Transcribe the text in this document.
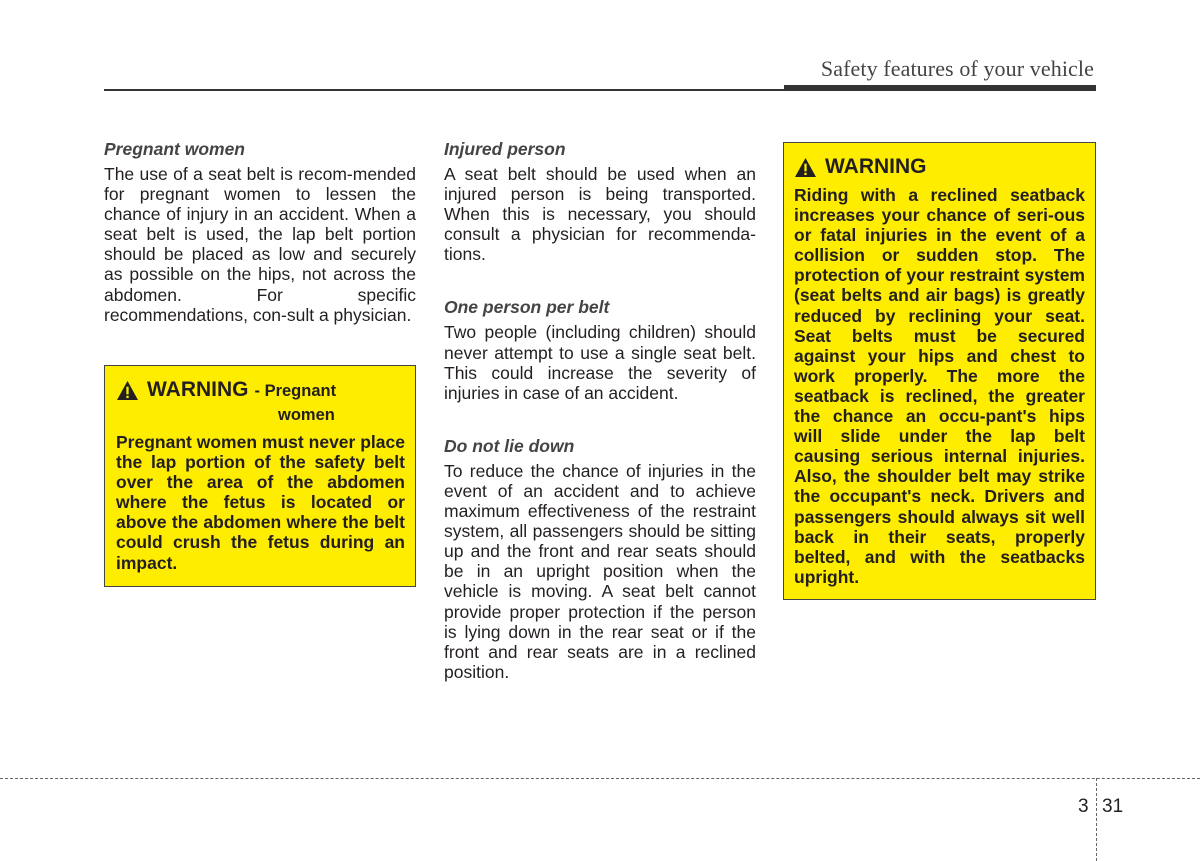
Safety features of your vehicle

Pregnant women

The use of a seat belt is recom-mended for pregnant women to lessen the chance of injury in an accident. When a seat belt is used, the lap belt portion should be placed as low and securely as possible on the hips, not across the abdomen. For specific recommendations, con-sult a physician.

WARNING - Pregnant
women

Pregnant women must never place the lap portion of the safety belt over the area of the abdomen where the fetus is located or above the abdomen where the belt could crush the fetus during an impact.

Injured person

A seat belt should be used when an injured person is being transported. When this is necessary, you should consult a physician for recommenda-tions.

One person per belt

Two people (including children) should never attempt to use a single seat belt. This could increase the severity of injuries in case of an accident.

Do not lie down

To reduce the chance of injuries in the event of an accident and to achieve maximum effectiveness of the restraint system, all passengers should be sitting up and the front and rear seats should be in an upright position when the vehicle is moving. A seat belt cannot provide proper protection if the person is lying down in the rear seat or if the front and rear seats are in a reclined position.

WARNING

Riding with a reclined seatback increases your chance of seri-ous or fatal injuries in the event of a collision or sudden stop. The protection of your restraint system (seat belts and air bags) is greatly reduced by reclining your seat. Seat belts must be secured against your hips and chest to work properly. The more the seatback is reclined, the greater the chance an occu-pant's hips will slide under the lap belt causing serious internal injuries. Also, the shoulder belt may strike the occupant's neck. Drivers and passengers should always sit well back in their seats, properly belted, and with the seatbacks upright.

3 31
